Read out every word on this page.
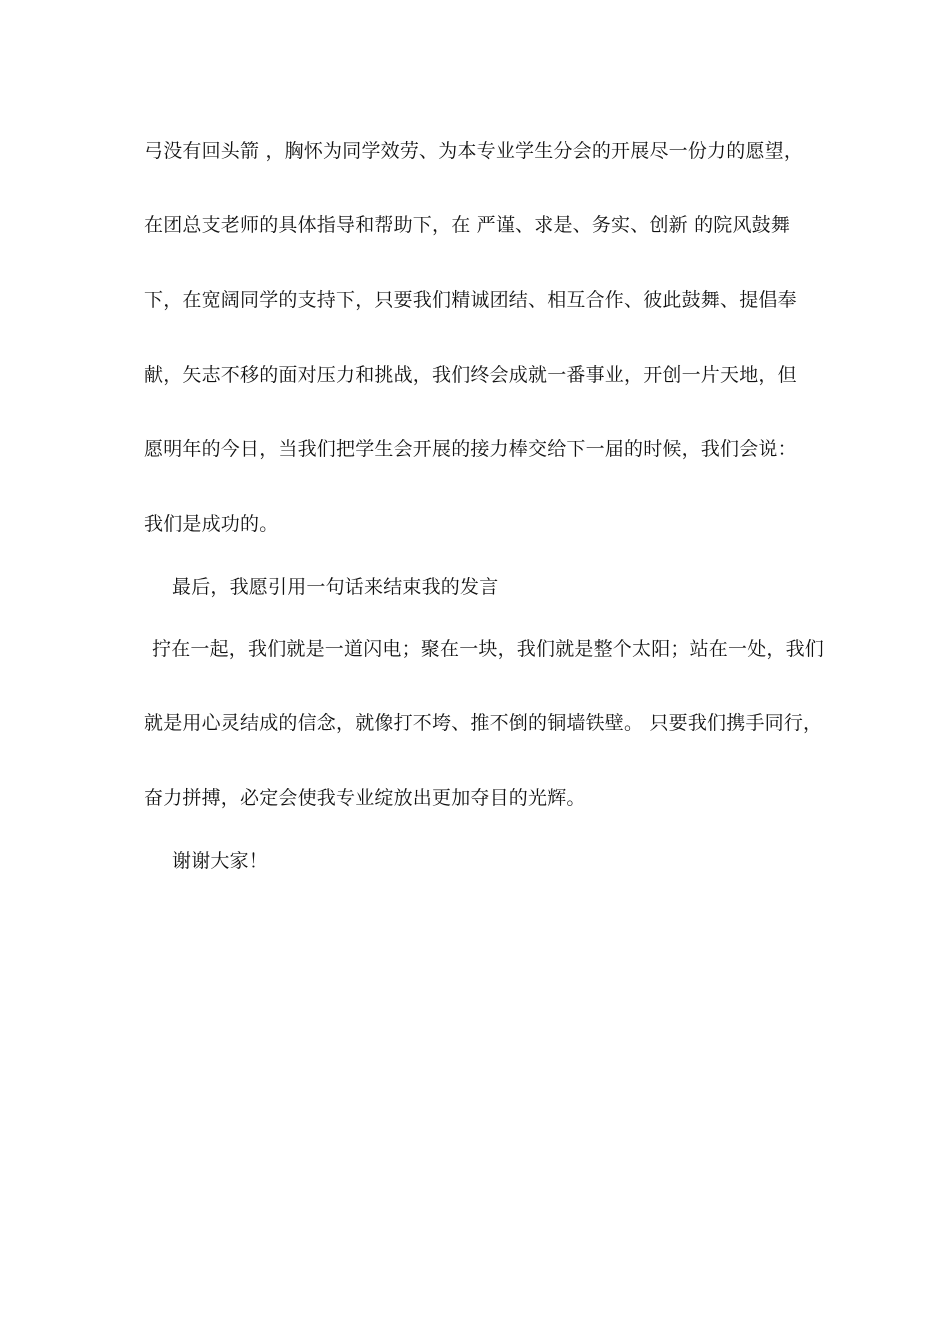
弓没有回头箭 ，胸怀为同学效劳、为本专业学生分会的开展尽一份力的愿望，
在团总支老师的具体指导和帮助下，在 严谨、求是、务实、创新 的院风鼓舞
下，在宽阔同学的支持下，只要我们精诚团结、相互合作、彼此鼓舞、提倡奉
献，矢志不移的面对压力和挑战，我们终会成就一番事业，开创一片天地，但
愿明年的今日，当我们把学生会开展的接力棒交给下一届的时候，我们会说：
我们是成功的。
最后，我愿引用一句话来结束我的发言
拧在一起，我们就是一道闪电；聚在一块，我们就是整个太阳；站在一处，我们
就是用心灵结成的信念，就像打不垮、推不倒的铜墙铁壁。 只要我们携手同行，
奋力拼搏，必定会使我专业绽放出更加夺目的光辉。
谢谢大家！
